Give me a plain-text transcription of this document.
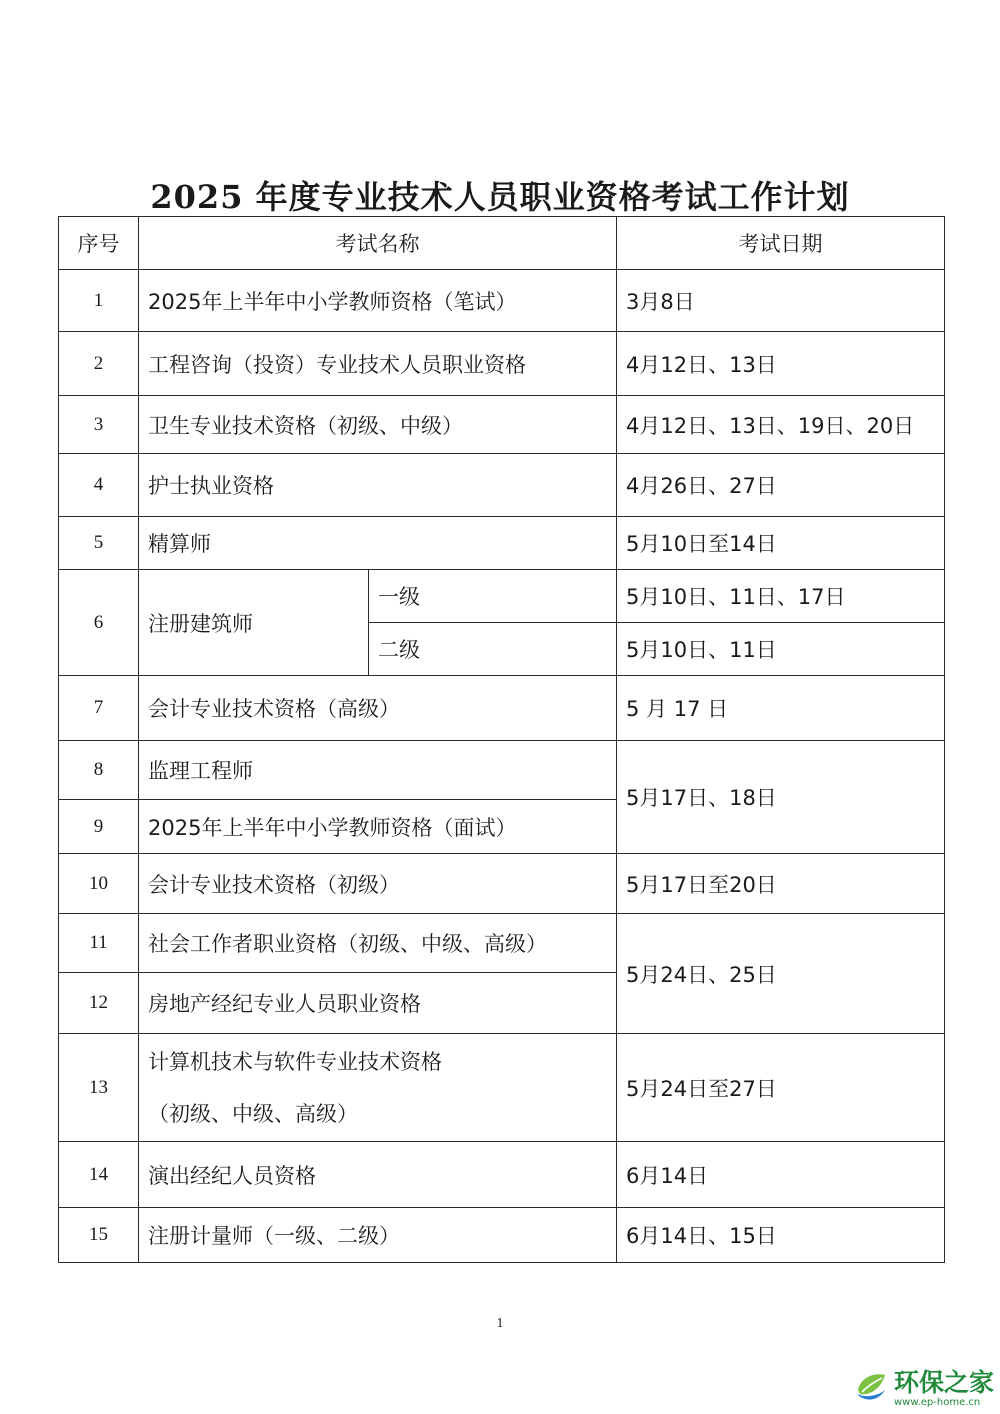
2025 年度专业技术人员职业资格考试工作计划
序号	考试名称		考试日期
1	2025年上半年中小学教师资格（笔试）		3月8日
2	工程咨询（投资）专业技术人员职业资格		4月12日、13日
3	卫生专业技术资格（初级、中级）		4月12日、13日、19日、20日
4	护士执业资格		4月26日、27日
5	精算师		5月10日至14日
6	注册建筑师	一级	5月10日、11日、17日
		二级	5月10日、11日
7	会计专业技术资格（高级）		5 月 17 日
8	监理工程师		5月17日、18日
9	2025年上半年中小学教师资格（面试）		
10	会计专业技术资格（初级）		5月17日至20日
11	社会工作者职业资格（初级、中级、高级）		5月24日、25日
12	房地产经纪专业人员职业资格		
13	计算机技术与软件专业技术资格
（初级、中级、高级）		5月24日至27日
14	演出经纪人员资格		6月14日
15	注册计量师（一级、二级）		6月14日、15日
1
环保之家
www.ep-home.cn
